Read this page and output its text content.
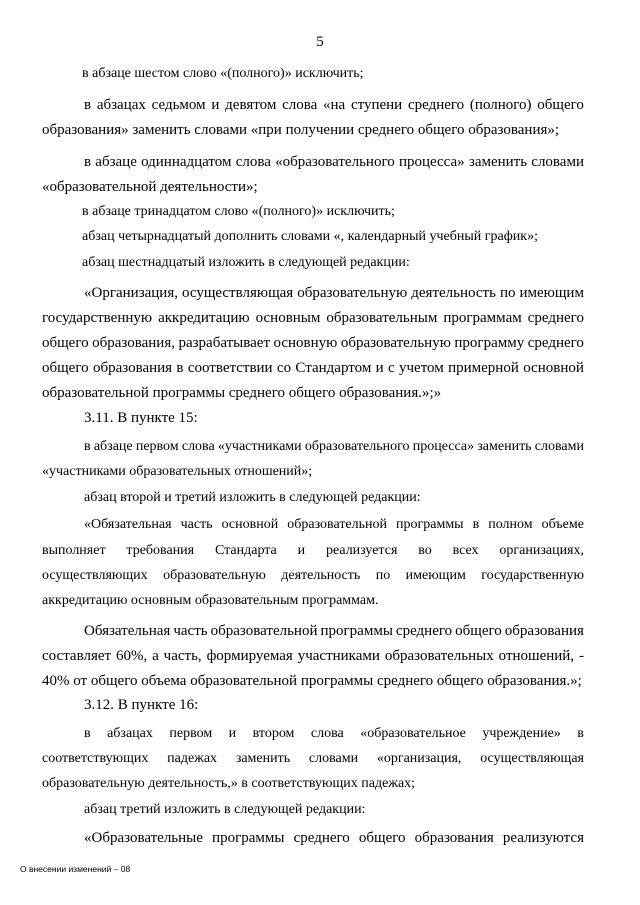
5
в абзаце шестом слово «(полного)» исключить;
в абзацах седьмом и девятом слова «на ступени среднего (полного) общего
образования» заменить словами «при получении среднего общего образования»;
в абзаце одиннадцатом слова «образовательного процесса» заменить словами
«образовательной деятельности»;
в абзаце тринадцатом слово «(полного)» исключить;
абзац четырнадцатый дополнить словами «, календарный учебный график»;
абзац шестнадцатый изложить в следующей редакции:
«Организация, осуществляющая образовательную деятельность по имеющим
государственную аккредитацию основным образовательным программам среднего
общего образования, разрабатывает основную образовательную программу среднего
общего образования в соответствии со Стандартом и с учетом примерной основной
образовательной программы среднего общего образования.»;»
3.11. В пункте 15:
в абзаце первом слова «участниками образовательного процесса» заменить словами
«участниками образовательных отношений»;
абзац второй и третий изложить в следующей редакции:
«Обязательная часть основной образовательной программы в полном объеме
выполняет требования Стандарта и реализуется во всех организациях,
осуществляющих образовательную деятельность по имеющим государственную
аккредитацию основным образовательным программам.
Обязательная часть образовательной программы среднего общего образования
составляет 60%, а часть, формируемая участниками образовательных отношений, -
40% от общего объема образовательной программы среднего общего образования.»;
3.12. В пункте 16:
в абзацах первом и втором слова «образовательное учреждение» в
соответствующих падежах заменить словами «организация, осуществляющая
образовательную деятельность,» в соответствующих падежах;
абзац третий изложить в следующей редакции:
«Образовательные программы среднего общего образования реализуются
О внесении изменений – 08
